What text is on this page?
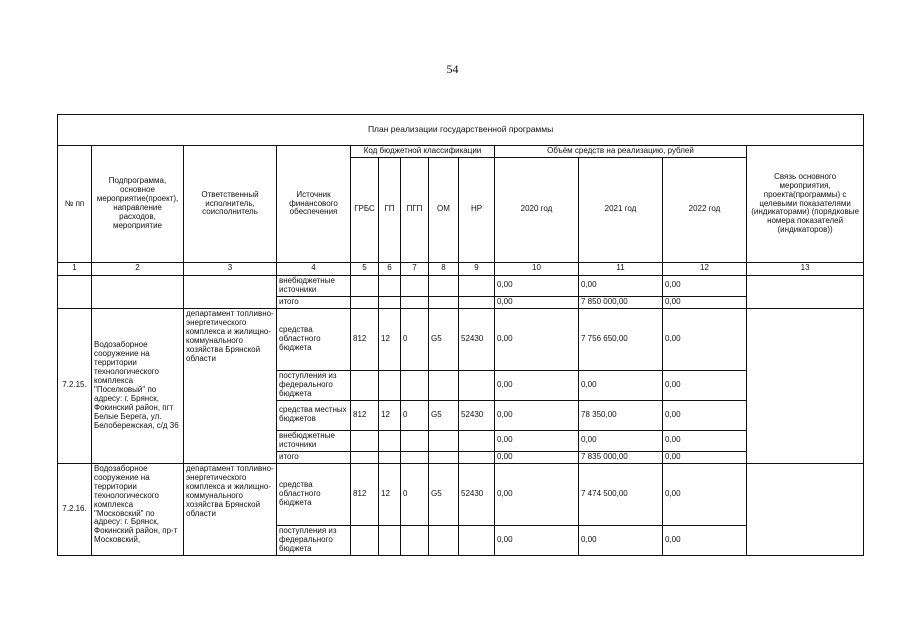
54
План реализации государственной программы												
№ пп	Подпрограмма, основное мероприятие(проект), направление расходов, мероприятие	Ответственный исполнитель, соисполнитель	Источник финансового обеспечения	Код бюджетной классификации					Объём средств на реализацию, рублей			Связь основного мероприятия, проекта(программы) с целевыми показателями (индикаторами) (порядковые номера показателей (индикаторов))
				ГРБС	ГП	ПГП	ОМ	НР	2020 год	2021 год	2022 год	
1	2	3	4	5	6	7	8	9	10	11	12	13
			внебюджетные источники						0,00	0,00	0,00	
			итого						0,00	7 850 000,00	0,00	
7.2.15.	Водозаборное сооружение на территории технологического комплекса "Поселковый" по адресу: г. Брянск, Фокинский район, пгт Белые Берега, ул. Белобережская, с/д 36	департамент топливно-энергетического комплекса и жилищно-коммунального хозяйства Брянской области	средства областного бюджета	812	12	0	G5	52430	0,00	7 756 650,00	0,00	
			поступления из федерального бюджета						0,00	0,00	0,00	
			средства местных бюджетов	812	12	0	G5	52430	0,00	78 350,00	0,00	
			внебюджетные источники						0,00	0,00	0,00	
			итого						0,00	7 835 000,00	0,00	
7.2.16.	Водозаборное сооружение на территории технологического комплекса "Московский" по адресу: г. Брянск, Фокинский район, пр-т Московский,	департамент топливно-энергетического комплекса и жилищно-коммунального хозяйства Брянской области	средства областного бюджета	812	12	0	G5	52430	0,00	7 474 500,00	0,00	
			поступления из федерального бюджета						0,00	0,00	0,00	
